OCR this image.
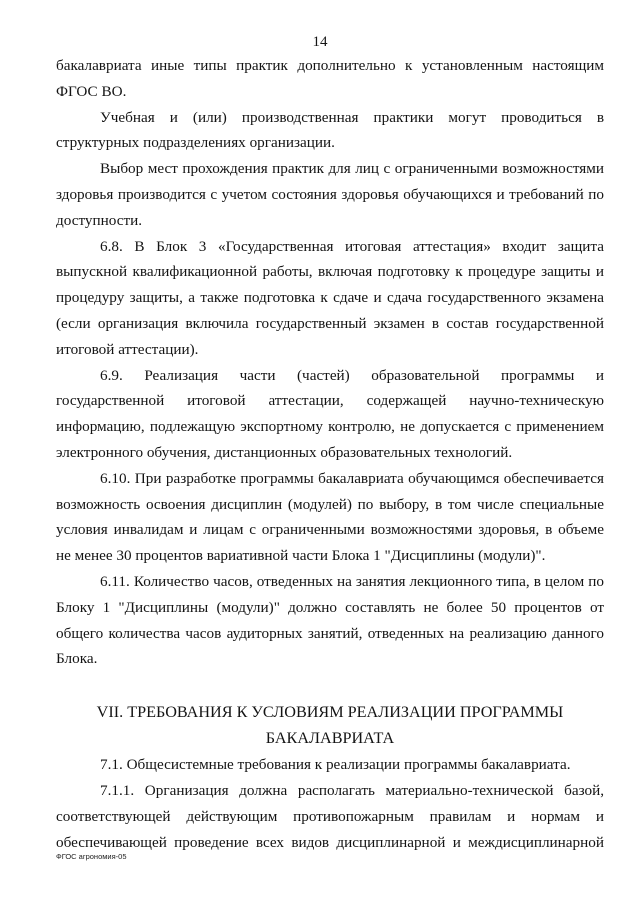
14

бакалавриата иные типы практик дополнительно к установленным настоящим ФГОС ВО.

Учебная и (или) производственная практики могут проводиться в структурных подразделениях организации.

Выбор мест прохождения практик для лиц с ограниченными возможностями здоровья производится с учетом состояния здоровья обучающихся и требований по доступности.

6.8. В Блок 3 «Государственная итоговая аттестация» входит защита выпускной квалификационной работы, включая подготовку к процедуре защиты и процедуру защиты, а также подготовка к сдаче и сдача государственного экзамена (если организация включила государственный экзамен в состав государственной итоговой аттестации).

6.9. Реализация части (частей) образовательной программы и государственной итоговой аттестации, содержащей научно-техническую информацию, подлежащую экспортному контролю, не допускается с применением электронного обучения, дистанционных образовательных технологий.

6.10. При разработке программы бакалавриата обучающимся обеспечивается возможность освоения дисциплин (модулей) по выбору, в том числе специальные условия инвалидам и лицам с ограниченными возможностями здоровья, в объеме не менее 30 процентов вариативной части Блока 1 "Дисциплины (модули)".

6.11. Количество часов, отведенных на занятия лекционного типа, в целом по Блоку 1 "Дисциплины (модули)" должно составлять не более 50 процентов от общего количества часов аудиторных занятий, отведенных на реализацию данного Блока.

VII. ТРЕБОВАНИЯ К УСЛОВИЯМ РЕАЛИЗАЦИИ ПРОГРАММЫ БАКАЛАВРИАТА

7.1. Общесистемные требования к реализации программы бакалавриата.

7.1.1. Организация должна располагать материально-технической базой, соответствующей действующим противопожарным правилам и нормам и обеспечивающей проведение всех видов дисциплинарной и междисциплинарной

ФГОС агрономия-05
